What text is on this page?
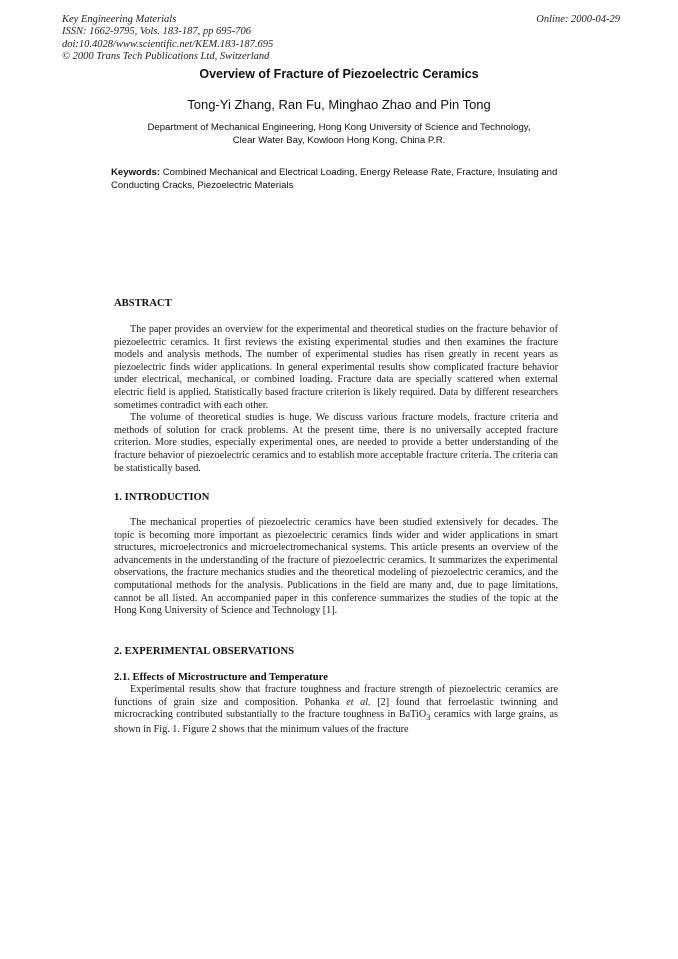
Key Engineering Materials
ISSN: 1662-9795, Vols. 183-187, pp 695-706
doi:10.4028/www.scientific.net/KEM.183-187.695
© 2000 Trans Tech Publications Ltd, Switzerland
Online: 2000-04-29
Overview of Fracture of Piezoelectric Ceramics
Tong-Yi Zhang, Ran Fu, Minghao Zhao and Pin Tong
Department of Mechanical Engineering, Hong Kong University of Science and Technology,
Clear Water Bay, Kowloon Hong Kong, China P.R.
Keywords: Combined Mechanical and Electrical Loading, Energy Release Rate, Fracture, Insulating and Conducting Cracks, Piezoelectric Materials
ABSTRACT

The paper provides an overview for the experimental and theoretical studies on the fracture behavior of piezoelectric ceramics. It first reviews the existing experimental studies and then examines the fracture models and analysis methods. The number of experimental studies has risen greatly in recent years as piezoelectric finds wider applications. In general experimental results show complicated fracture behavior under electrical, mechanical, or combined loading. Fracture data are specially scattered when external electric field is applied. Statistically based fracture criterion is likely required. Data by different researchers sometimes contradict with each other.

The volume of theoretical studies is huge. We discuss various fracture models, fracture criteria and methods of solution for crack problems. At the present time, there is no universally accepted fracture criterion. More studies, especially experimental ones, are needed to provide a better understanding of the fracture behavior of piezoelectric ceramics and to establish more acceptable fracture criteria. The criteria can be statistically based.

1. INTRODUCTION

The mechanical properties of piezoelectric ceramics have been studied extensively for decades. The topic is becoming more important as piezoelectric ceramics finds wider and wider applications in smart structures, microelectronics and microelectromechanical systems. This article presents an overview of the advancements in the understanding of the fracture of piezoelectric ceramics. It summarizes the experimental observations, the fracture mechanics studies and the theoretical modeling of piezoelectric ceramics, and the computational methods for the analysis. Publications in the field are many and, due to page limitations, cannot be all listed. An accompanied paper in this conference summarizes the studies of the topic at the Hong Kong University of Science and Technology [1].

2. EXPERIMENTAL OBSERVATIONS
2.1. Effects of Microstructure and Temperature

Experimental results show that fracture toughness and fracture strength of piezoelectric ceramics are functions of grain size and composition. Pohanka et al. [2] found that ferroelastic twinning and microcracking contributed substantially to the fracture toughness in BaTiO$_3$ ceramics with large grains, as shown in Fig. 1. Figure 2 shows that the minimum values of the fracture
